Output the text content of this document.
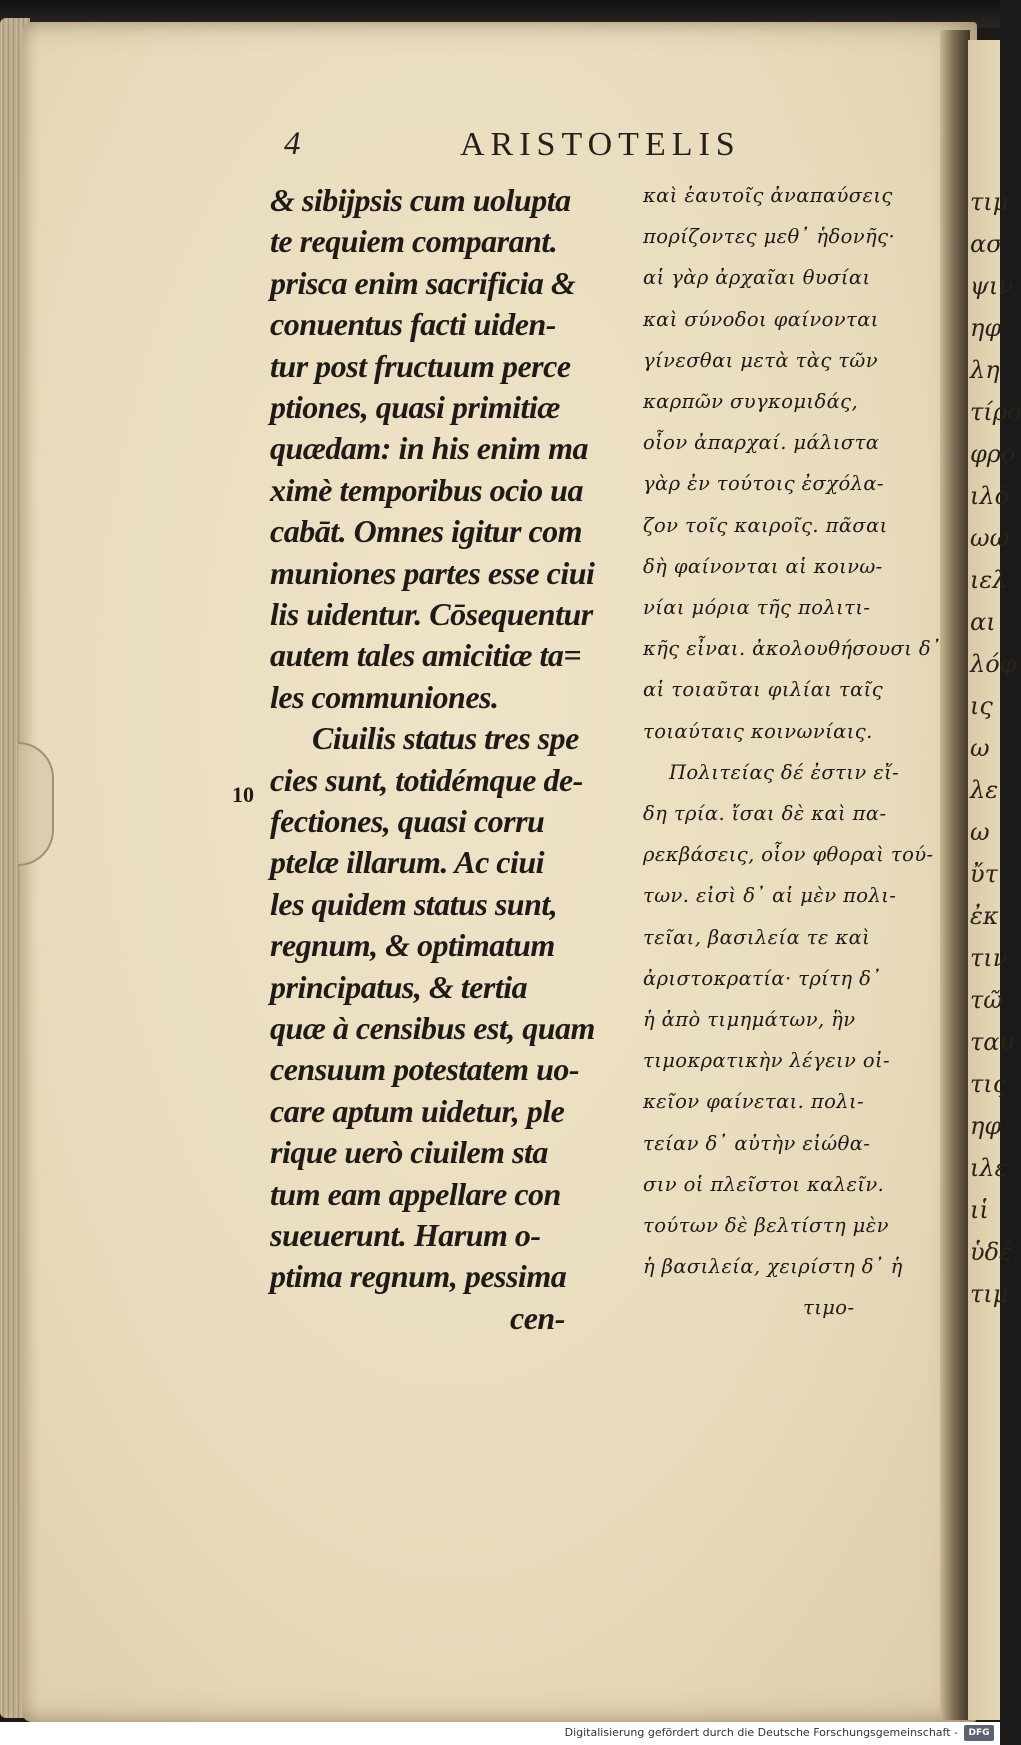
τιμ
ασ
ψιν
ηφ
λη
τίρο
φρο
ιλό
ωω
ιελ
αι
λόφ
ις
ω
λε
ω
ὔτ
ἐκ
τιν
τῶ
ταυ
τις
ηφ
ιλε
ιἱ
ὑδέ
τιμ
4	ARISTOTELIS
10
& sibijpsis cum uolupta
te requiem comparant.
prisca enim sacrificia &
conuentus facti uiden-
tur post fructuum perce
ptiones, quasi primitiæ
quædam: in his enim ma
ximè temporibus ocio ua
cabāt. Omnes igitur com
muniones partes esse ciui
lis uidentur. Cōsequentur
autem tales amicitiæ ta=
les communiones.
Ciuilis status tres spe
cies sunt, totidémque de-
fectiones, quasi corru
ptelæ illarum. Ac ciui
les quidem status sunt,
regnum, & optimatum
principatus, & tertia
quæ à censibus est, quam
censuum potestatem uo-
care aptum uidetur, ple
rique uerò ciuilem sta
tum eam appellare con
sueuerunt. Harum o-
ptima regnum, pessima
cen-
καὶ ἑαυτοῖς ἀναπαύσεις
πορίζοντες μεθ᾽ ἡδονῆς·
αἱ γὰρ ἀρχαῖαι θυσίαι
καὶ σύνοδοι φαίνονται
γίνεσθαι μετὰ τὰς τῶν
καρπῶν συγκομιδάς,
οἷον ἀπαρχαί. μάλιστα
γὰρ ἐν τούτοις ἐσχόλα-
ζον τοῖς καιροῖς. πᾶσαι
δὴ φαίνονται αἱ κοινω-
νίαι μόρια τῆς πολιτι-
κῆς εἶναι. ἀκολουθήσουσι δ᾽
αἱ τοιαῦται φιλίαι ταῖς
τοιαύταις κοινωνίαις.
Πολιτείας δέ ἐστιν εἴ-
δη τρία. ἴσαι δὲ καὶ πα-
ρεκβάσεις, οἷον φθοραὶ τού-
των. εἰσὶ δ᾽ αἱ μὲν πολι-
τεῖαι, βασιλεία τε καὶ
ἀριστοκρατία· τρίτη δ᾽
ἡ ἀπὸ τιμημάτων, ἣν
τιμοκρατικὴν λέγειν οἰ-
κεῖον φαίνεται. πολι-
τείαν δ᾽ αὐτὴν εἰώθα-
σιν οἱ πλεῖστοι καλεῖν.
τούτων δὲ βελτίστη μὲν
ἡ βασιλεία, χειρίστη δ᾽ ἡ
τιμο-
Digitalisierung gefördert durch die Deutsche Forschungsgemeinschaft -	DFG
